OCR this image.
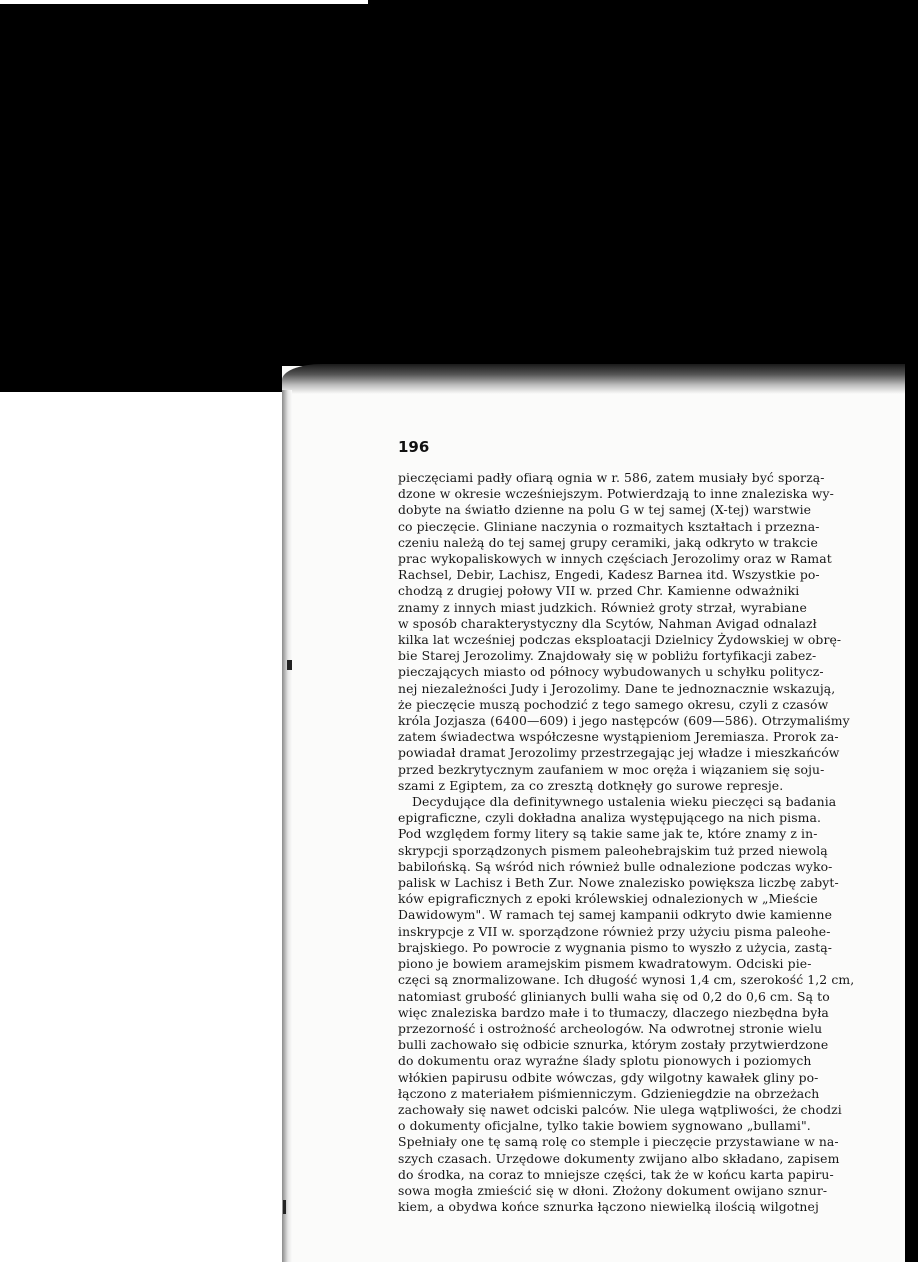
196
pieczęciami padły ofiarą ognia w r. 586, zatem musiały być sporzą-
dzone w okresie wcześniejszym. Potwierdzają to inne znaleziska wy-
dobyte na światło dzienne na polu G w tej samej (X-tej) warstwie
co pieczęcie. Gliniane naczynia o rozmaitych kształtach i przezna-
czeniu należą do tej samej grupy ceramiki, jaką odkryto w trakcie
prac wykopaliskowych w innych częściach Jerozolimy oraz w Ramat
Rachsel, Debir, Lachisz, Engedi, Kadesz Barnea itd. Wszystkie po-
chodzą z drugiej połowy VII w. przed Chr. Kamienne odważniki
znamy z innych miast judzkich. Również groty strzał, wyrabiane
w sposób charakterystyczny dla Scytów, Nahman Avigad odnalazł
kilka lat wcześniej podczas eksploatacji Dzielnicy Żydowskiej w obrę-
bie Starej Jerozolimy. Znajdowały się w pobliżu fortyfikacji zabez-
pieczających miasto od północy wybudowanych u schyłku politycz-
nej niezależności Judy i Jerozolimy. Dane te jednoznacznie wskazują,
że pieczęcie muszą pochodzić z tego samego okresu, czyli z czasów
króla Jozjasza (6400—609) i jego następców (609—586). Otrzymaliśmy
zatem świadectwa współczesne wystąpieniom Jeremiasza. Prorok za-
powiadał dramat Jerozolimy przestrzegając jej władze i mieszkańców
przed bezkrytycznym zaufaniem w moc oręża i wiązaniem się soju-
szami z Egiptem, za co zresztą dotknęły go surowe represje.
Decydujące dla definitywnego ustalenia wieku pieczęci są badania
epigraficzne, czyli dokładna analiza występującego na nich pisma.
Pod względem formy litery są takie same jak te, które znamy z in-
skrypcji sporządzonych pismem paleohebrajskim tuż przed niewolą
babilońską. Są wśród nich również bulle odnalezione podczas wyko-
palisk w Lachisz i Beth Zur. Nowe znalezisko powiększa liczbę zabyt-
ków epigraficznych z epoki królewskiej odnalezionych w „Mieście
Dawidowym". W ramach tej samej kampanii odkryto dwie kamienne
inskrypcje z VII w. sporządzone również przy użyciu pisma paleohe-
brajskiego. Po powrocie z wygnania pismo to wyszło z użycia, zastą-
piono je bowiem aramejskim pismem kwadratowym. Odciski pie-
częci są znormalizowane. Ich długość wynosi 1,4 cm, szerokość 1,2 cm,
natomiast grubość glinianych bulli waha się od 0,2 do 0,6 cm. Są to
więc znaleziska bardzo małe i to tłumaczy, dlaczego niezbędna była
przezorność i ostrożność archeologów. Na odwrotnej stronie wielu
bulli zachowało się odbicie sznurka, którym zostały przytwierdzone
do dokumentu oraz wyraźne ślady splotu pionowych i poziomych
włókien papirusu odbite wówczas, gdy wilgotny kawałek gliny po-
łączono z materiałem piśmienniczym. Gdzieniegdzie na obrzeżach
zachowały się nawet odciski palców. Nie ulega wątpliwości, że chodzi
o dokumenty oficjalne, tylko takie bowiem sygnowano „bullami".
Spełniały one tę samą rolę co stemple i pieczęcie przystawiane w na-
szych czasach. Urzędowe dokumenty zwijano albo składano, zapisem
do środka, na coraz to mniejsze części, tak że w końcu karta papiru-
sowa mogła zmieścić się w dłoni. Złożony dokument owijano sznur-
kiem, a obydwa końce sznurka łączono niewielką ilością wilgotnej
